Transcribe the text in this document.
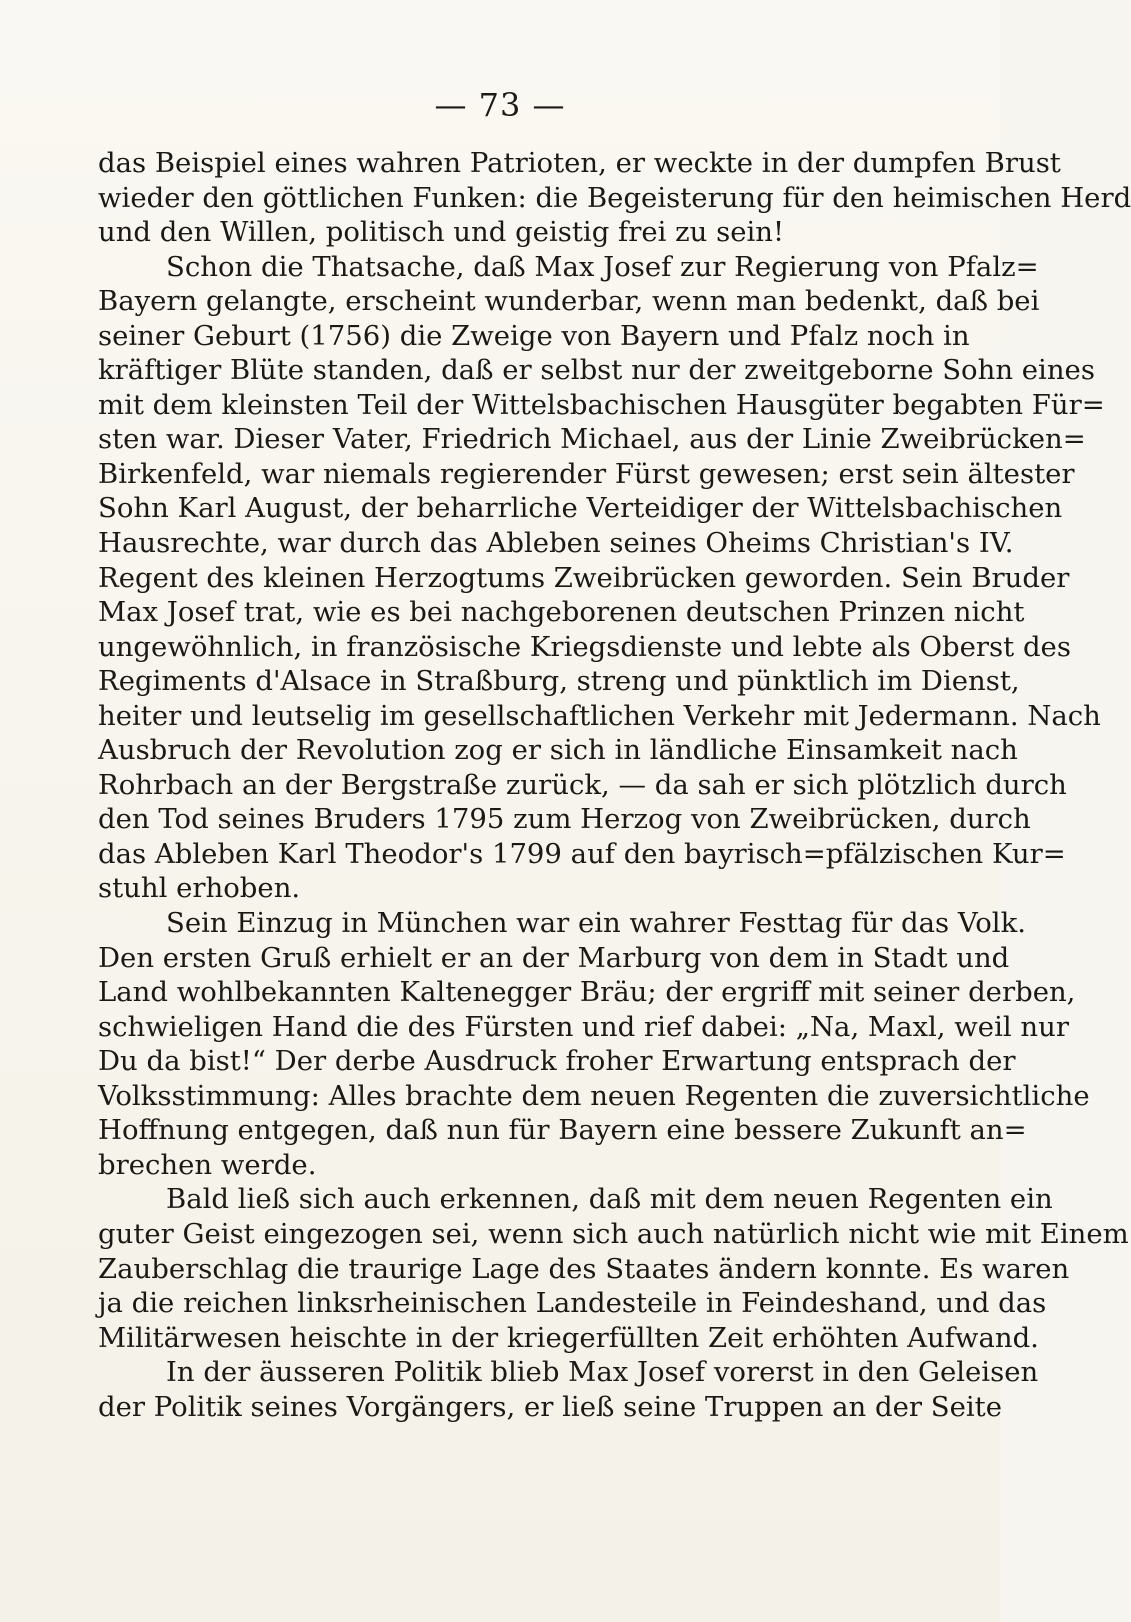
— 73 —
das Beispiel eines wahren Patrioten, er weckte in der dumpfen Brust
wieder den göttlichen Funken: die Begeisterung für den heimischen Herd
und den Willen, politisch und geistig frei zu sein!
Schon die Thatsache, daß Max Josef zur Regierung von Pfalz=
Bayern gelangte, erscheint wunderbar, wenn man bedenkt, daß bei
seiner Geburt (1756) die Zweige von Bayern und Pfalz noch in
kräftiger Blüte standen, daß er selbst nur der zweitgeborne Sohn eines
mit dem kleinsten Teil der Wittelsbachischen Hausgüter begabten Für=
sten war. Dieser Vater, Friedrich Michael, aus der Linie Zweibrücken=
Birkenfeld, war niemals regierender Fürst gewesen; erst sein ältester
Sohn Karl August, der beharrliche Verteidiger der Wittelsbachischen
Hausrechte, war durch das Ableben seines Oheims Christian's IV.
Regent des kleinen Herzogtums Zweibrücken geworden. Sein Bruder
Max Josef trat, wie es bei nachgeborenen deutschen Prinzen nicht
ungewöhnlich, in französische Kriegsdienste und lebte als Oberst des
Regiments d'Alsace in Straßburg, streng und pünktlich im Dienst,
heiter und leutselig im gesellschaftlichen Verkehr mit Jedermann. Nach
Ausbruch der Revolution zog er sich in ländliche Einsamkeit nach
Rohrbach an der Bergstraße zurück, — da sah er sich plötzlich durch
den Tod seines Bruders 1795 zum Herzog von Zweibrücken, durch
das Ableben Karl Theodor's 1799 auf den bayrisch=pfälzischen Kur=
stuhl erhoben.
Sein Einzug in München war ein wahrer Festtag für das Volk.
Den ersten Gruß erhielt er an der Marburg von dem in Stadt und
Land wohlbekannten Kaltenegger Bräu; der ergriff mit seiner derben,
schwieligen Hand die des Fürsten und rief dabei: „Na, Maxl, weil nur
Du da bist!“ Der derbe Ausdruck froher Erwartung entsprach der
Volksstimmung: Alles brachte dem neuen Regenten die zuversichtliche
Hoffnung entgegen, daß nun für Bayern eine bessere Zukunft an=
brechen werde.
Bald ließ sich auch erkennen, daß mit dem neuen Regenten ein
guter Geist eingezogen sei, wenn sich auch natürlich nicht wie mit Einem
Zauberschlag die traurige Lage des Staates ändern konnte. Es waren
ja die reichen linksrheinischen Landesteile in Feindeshand, und das
Militärwesen heischte in der kriegerfüllten Zeit erhöhten Aufwand.
In der äusseren Politik blieb Max Josef vorerst in den Geleisen
der Politik seines Vorgängers, er ließ seine Truppen an der Seite
